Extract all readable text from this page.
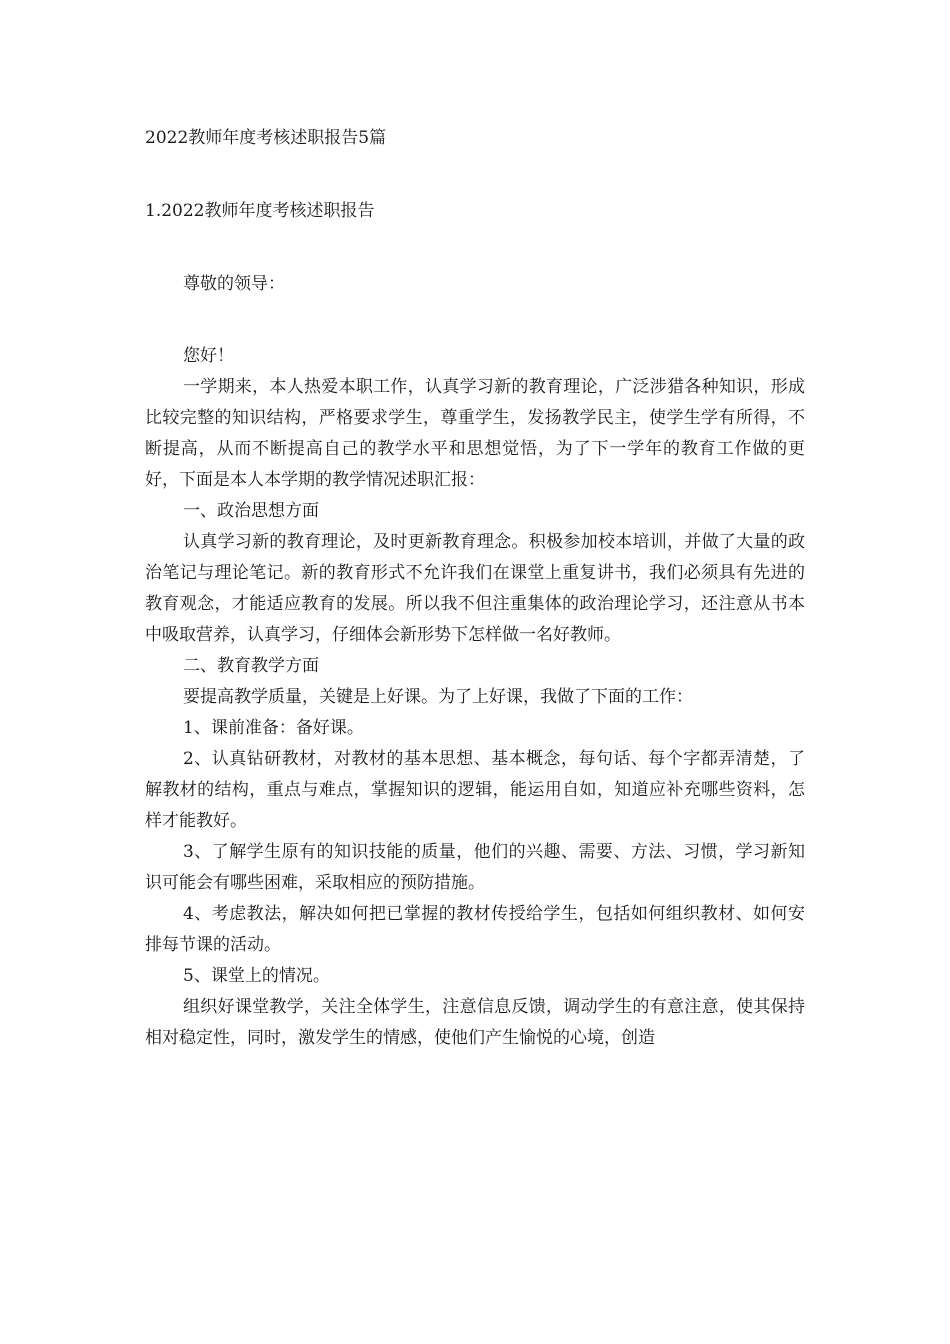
2022教师年度考核述职报告5篇
1.2022教师年度考核述职报告

尊敬的领导：

您好！

一学期来，本人热爱本职工作，认真学习新的教育理论，广泛涉猎各种知识，形成比较完整的知识结构，严格要求学生，尊重学生，发扬教学民主，使学生学有所得，不断提高，从而不断提高自己的教学水平和思想觉悟，为了下一学年的教育工作做的更好，下面是本人本学期的教学情况述职汇报：

一、政治思想方面

认真学习新的教育理论，及时更新教育理念。积极参加校本培训，并做了大量的政治笔记与理论笔记。新的教育形式不允许我们在课堂上重复讲书，我们必须具有先进的教育观念，才能适应教育的发展。所以我不但注重集体的政治理论学习，还注意从书本中吸取营养，认真学习，仔细体会新形势下怎样做一名好教师。

二、教育教学方面

要提高教学质量，关键是上好课。为了上好课，我做了下面的工作：

1、课前准备：备好课。

2、认真钻研教材，对教材的基本思想、基本概念，每句话、每个字都弄清楚，了解教材的结构，重点与难点，掌握知识的逻辑，能运用自如，知道应补充哪些资料，怎样才能教好。

3、了解学生原有的知识技能的质量，他们的兴趣、需要、方法、习惯，学习新知识可能会有哪些困难，采取相应的预防措施。

4、考虑教法，解决如何把已掌握的教材传授给学生，包括如何组织教材、如何安排每节课的活动。

5、课堂上的情况。

组织好课堂教学，关注全体学生，注意信息反馈，调动学生的有意注意，使其保持相对稳定性，同时，激发学生的情感，使他们产生愉悦的心境，创造
